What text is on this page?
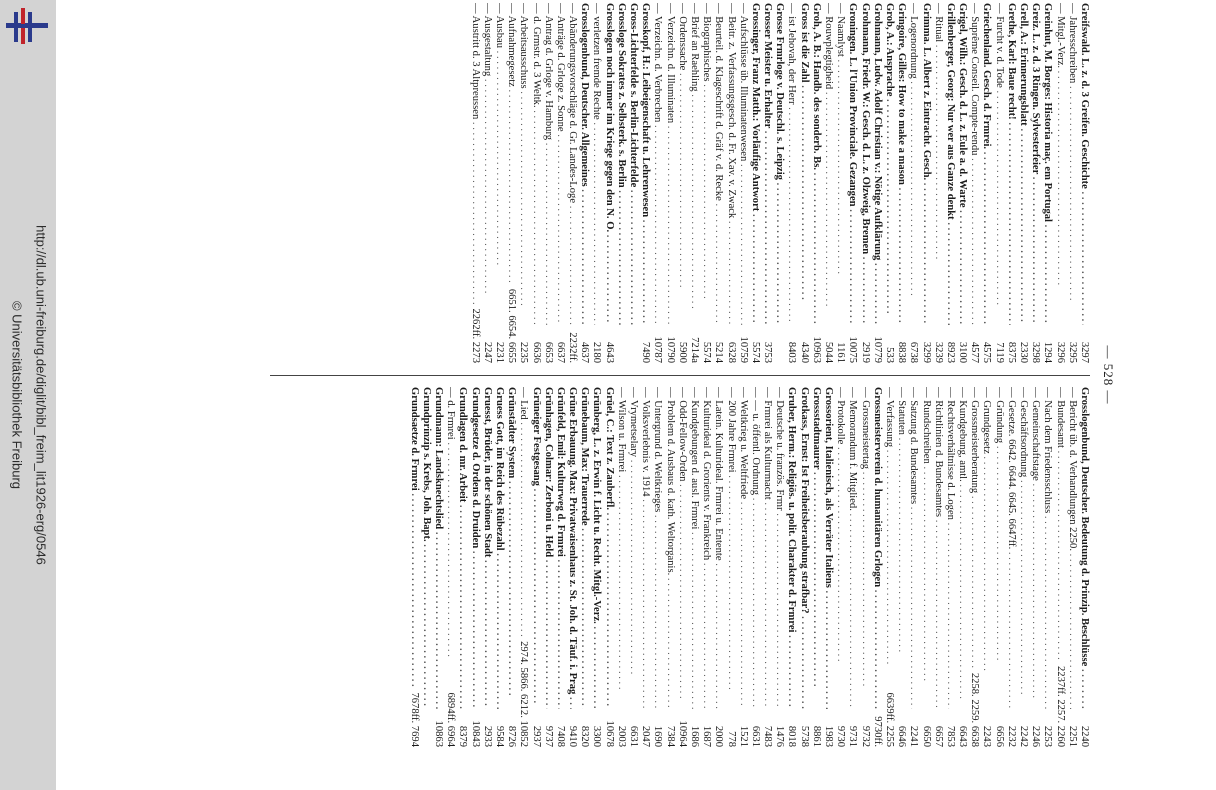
http://dl.ub.uni-freiburg.de/diglit/bibl_freim_lit1926-erg/0546
© Universitätsbibliothek Freiburg	— 528 —
Greifswald. L. z. d. 3 Greifen. Geschichte . . .
3297
— Jahresschreiben . . .
3295
— Mitgl.-Verz. . . .
3296
Greinhut, M. Borges: Historia maç. em Portugal . . .
1294
Greiz. L. z. d. 3 Ringen. Sylvesterfeier . . .
3298
Grell, A.: Erinnerungsblatt . . .
2330
Grethe, Karl: Baue recht! . . .
8375
— Furcht v. d. Tode . . .
7119
Griechenland. Gesch. d. Frmrei. . . .
4575
— Suprême Conseil. Compte-rendu . . .
4577
Grigel, Wilh.: Gesch. d. L. z. Eule a. d. Warte . . .
3100
Grillenberger, Georg: Nur wer aus Ganze denkt . . .
8923
— Ritual . . .
3239
Grimma. L. Albert z. Eintracht. Gesch. . . .
3299
— Logenordnung . . .
6738
Gringoire, Gilles: How to make a mason . . .
8838
Grob, A.: Ansprache . . .
533
Grohmann, Ludw. Adolf Christian v.: Nötige Aufklärung . . .
10779
Grohmann, Friedr. W.: Gesch. d. L. z. Ölzweig, Bremen . . .
2919
Groningen. L. l'Union Provinciale. Gezangen . . .
10075
— Naamlyst . . .
1161
— Rouwplegtigheid . . .
5044
Groh, A. B.: Handb. des sonderb. Bs. . . .
10963
Gross ist die Zahl . . .
4340
— ist Jehovah, der Herr . . .
8403
Grosse Frmrloge v. Deutschl. s. Leipzig . . .
Grosser Meister u. Erhalter . . .
3753
Grossinger, Franz Matth.: Vorläufige Antwort . . .
5574
— Aufschlüsse üb. Illuminatenwesen . . .
10759
— Beitr. z. Verfassungsgesch. d. Fr. Xav. v. Zwack . . .
6328
— Beurteil. d. Klageschrift d. Gräf v. d. Recke . . .
5214
— Biographisches . . .
5574
— Brief an Raehling . . .
7214a
— Ordenssache . . .
5900
— Verzeichn. d. Illuminaten . . .
10790
— Verzeichn. d. Verbrechen . . .
10787
Grosskopf, H.: Leibeigenschaft u. Lehrenwesen . . .
7490
Gross-Lichterfelde s. Berlin-Lichterfelde . . .
Grossloge Sokrates z. Selbsterk. s. Berlin . . .
Grosslogen noch immer im Kriege gegen den N. O. . . .
4643
— verletzen fremde Rechte . . .
2180
Grosslogenbund, Deutscher. Allgemeines . . .
4637
— Abänderungsvorschläge d. Gr. Landes-Loge . . .
2232ff.
— Anträge d. Grloge z. Sonne . . .
6637
— Antrag d. Grloge v. Hamburg . . .
6653
— d. Grmstr. d. 3 Weltk. . . .
6636
— Arbeitsausschuss . . .
2235
— Aufnahmegesetz . . .
6651. 6654. 6655
— Ausbau . . .
2231
— Ausgestaltung . . .
2247
— Austritt d. 3 Altpreussen . . .
2262ff. 2273
Grosslogenbund, Deutscher. Bedeutung d. Prinzip. Beschlüsse . . .
2240
— Bericht üb. d. Verhandlungen 2250. . . .
2251
— Bundesamt . . .
2237ff. 2257. 2260
— Nach dem Friedensschluss . . .
2253
— Gemeinschaftstage . . .
2246
— Geschäftsordnung . . .
2242
— Gesetze. 6642. 6644. 6645. 6647ff. . . .
2232
— Gründung . . .
6656
— Grundgesetz . . .
2243
— Grossmeisterberatung . . .
2258. 2259. 6638
— Kundgebung, amtl. . . .
6643
— Rechtsverhältnisse d. Logen . . .
7853
— Richtlinien d. Bundesamtes . . .
6657
— Rundschreiben . . .
6650
— Satzung d. Bundesamtes . . .
2241
— Statuten . . .
6646
— Verfassung . . .
6639ff. 2255
Grossmeisterverein d. humanitären Grlogen . . .
9730ff.
— Grossmeistertag . . .
9732
— Memorandum f. Mitglied. . . .
9731
— Protokolle . . .
9730
Grossorient, Italienisch, als Verräter Italiens . . .
1983
Grossstadtmaurer . . .
8861
Grotkass, Ernst: Ist Freiheitsberaubung strafbar? . . .
5738
Gruber, Herm.: Religiös. u. polit. Charakter d. Frmrei . . .
8018
— Deutsche u. französ. Frmr . . .
1476
— Frmrei als Kulturmacht . . .
7483
— — u. öffentl. Ordnung . . .
6631
— Weltkrieg u. Weltfriede . . .
1521
— 200 Jahre Frmrei . . .
778
— Latein. Kulturideal. Frmrei u. Entente . . .
2000
— Kulturideal d. Grorients v. Frankreich . . .
1687
— Kundgebungen d. ausl. Frmrei . . .
1686
— Odd-Fellow-Orden . . .
10964
— Problem d. Ausbaus d. kath. Weltorganis. . . .
7384
— Untergrund d. Weltkrieges . . .
1690
— Volksverlebnis v. 1914 . . .
2047
— Vrymetselary . . .
6631
— Wilson u. Frmrei . . .
2003
Grüel, C.: Text z. Zauberfl. . . .
10678
Grünberg, L. z. Erwin f. Licht u. Recht. Mitgl.-Verz. . . .
3300
Grünebaum, Max: Trauerrede . . .
8320
Grüne Erbauung. Max: Privatwaisenhaus z. St. Joh. d. Täuf. i. Prag . . .
9410
Grünfeld, Emil: Kulturweg d. Frmrei . . .
7408
Grünhagen, Colmar: Zerboni u. Held . . .
9737
Grüneiger Festgesang . . .
2937
— Lied . . .
2974. 5866. 6212. 10852
Grünstädter System . . .
8726
Gruess Gott, im Reich des Rübezahl . . .
9584
Gruesst, Brüder, in der schönen Stadt . . .
2933
Grundgesetze d. Ordens d. Druiden . . .
10843
Grundlagen d. mr. Arbeit . . .
8379
— d. Frmrei . . .
6894ff. 6964
Grundmann: Landsknechtslied . . .
10863
Grundprinzip s. Krebs, Joh. Bapt. . . .
Grundsaetze d. Frmrei . . .
7678ff. 7694
